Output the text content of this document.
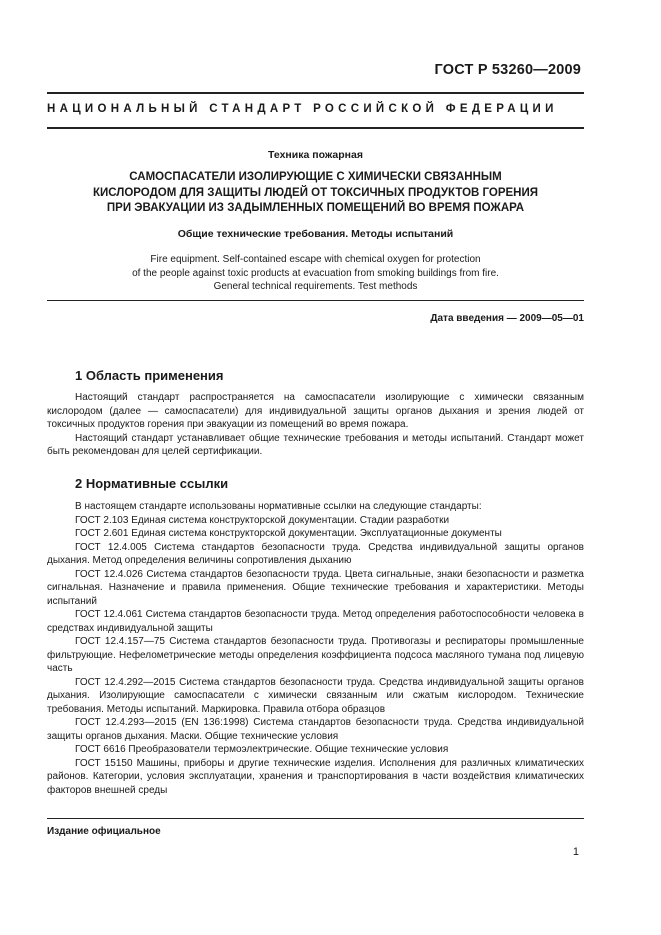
ГОСТ Р 53260—2009
НАЦИОНАЛЬНЫЙ СТАНДАРТ РОССИЙСКОЙ ФЕДЕРАЦИИ
Техника пожарная
САМОСПАСАТЕЛИ ИЗОЛИРУЮЩИЕ С ХИМИЧЕСКИ СВЯЗАННЫМ
КИСЛОРОДОМ ДЛЯ ЗАЩИТЫ ЛЮДЕЙ ОТ ТОКСИЧНЫХ ПРОДУКТОВ ГОРЕНИЯ
ПРИ ЭВАКУАЦИИ ИЗ ЗАДЫМЛЕННЫХ ПОМЕЩЕНИЙ ВО ВРЕМЯ ПОЖАРА
Общие технические требования. Методы испытаний
Fire equipment. Self-contained escape with chemical oxygen for protection
of the people against toxic products at evacuation from smoking buildings from fire.
General technical requirements. Test methods
Дата введения — 2009—05—01
1 Область применения

Настоящий стандарт распространяется на самоспасатели изолирующие с химически связанным кислородом (далее — самоспасатели) для индивидуальной защиты органов дыхания и зрения людей от токсичных продуктов горения при эвакуации из помещений во время пожара.

Настоящий стандарт устанавливает общие технические требования и методы испытаний. Стандарт может быть рекомендован для целей сертификации.

2 Нормативные ссылки

В настоящем стандарте использованы нормативные ссылки на следующие стандарты:

ГОСТ 2.103 Единая система конструкторской документации. Стадии разработки

ГОСТ 2.601 Единая система конструкторской документации. Эксплуатационные документы

ГОСТ 12.4.005 Система стандартов безопасности труда. Средства индивидуальной защиты органов дыхания. Метод определения величины сопротивления дыханию

ГОСТ 12.4.026 Система стандартов безопасности труда. Цвета сигнальные, знаки безопасности и разметка сигнальная. Назначение и правила применения. Общие технические требования и характеристики. Методы испытаний

ГОСТ 12.4.061 Система стандартов безопасности труда. Метод определения работоспособности человека в средствах индивидуальной защиты

ГОСТ 12.4.157—75 Система стандартов безопасности труда. Противогазы и респираторы промышленные фильтрующие. Нефелометрические методы определения коэффициента подсоса масляного тумана под лицевую часть

ГОСТ 12.4.292—2015 Система стандартов безопасности труда. Средства индивидуальной защиты органов дыхания. Изолирующие самоспасатели с химически связанным или сжатым кислородом. Технические требования. Методы испытаний. Маркировка. Правила отбора образцов

ГОСТ 12.4.293—2015 (EN 136:1998) Система стандартов безопасности труда. Средства индивидуальной защиты органов дыхания. Маски. Общие технические условия

ГОСТ 6616 Преобразователи термоэлектрические. Общие технические условия

ГОСТ 15150 Машины, приборы и другие технические изделия. Исполнения для различных климатических районов. Категории, условия эксплуатации, хранения и транспортирования в части воздействия климатических факторов внешней среды

Издание официальное
1
